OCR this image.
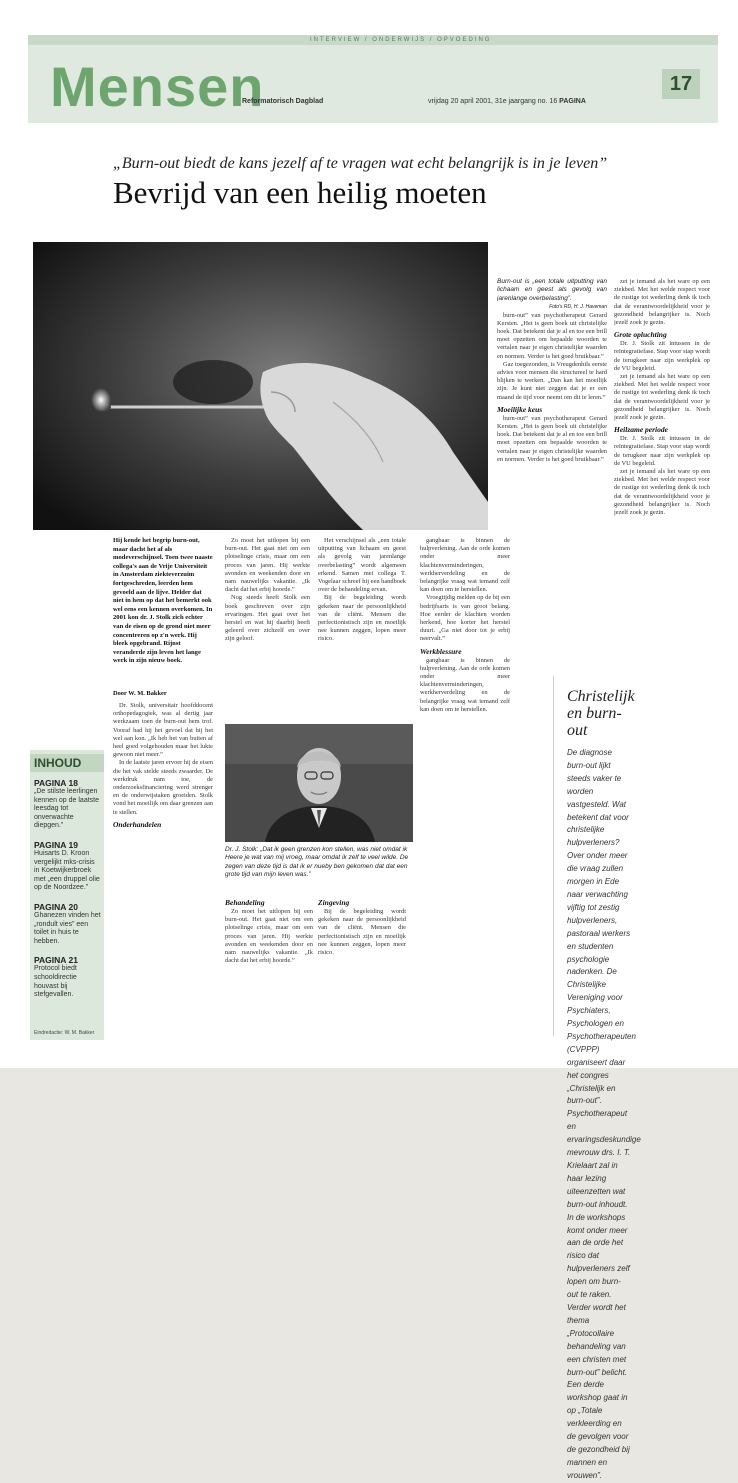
INTERVIEW / ONDERWIJS / OPVOEDING
Mensen
Reformatorisch Dagblad	vrijdag 20 april 2001, 31e jaargang no. 16 PAGINA
17
„Burn-out biedt de kans jezelf af te vragen wat echt belangrijk is in je leven”
Bevrijd van een heilig moeten
Hij kende het begrip burn-out, maar dacht het af als modeverschijnsel. Toen twee naaste collega's aan de Vrije Universiteit in Amsterdam ziekteverzuim fortgeschreden, leerden hem gevoeld aan de lijve. Helder dat niet in hem op dat het bemerkt ook wel eens een kennen overkomen. In 2001 kon dr. J. Stolk zich echter van de eisen op de grond niet meer concentreren op z'n werk. Hij bleek opgebrand. Rijnst veranderde zijn leven het lange werk in zijn nieuw boek.
Door W. M. Bakker

Dr. Stolk, universitair hoofddocent orthopedagogiek, was al dertig jaar werkzaam toen de burn-out hem trof. Vooraf had hij het gevoel dat hij het wel aan kon. „Ik heb het van buiten af heel goed volgehouden maar het lukte gewoon niet meer.”

In de laatste jaren ervoer hij de eisen die het vak stelde steeds zwaarder. De werkdruk nam toe, de onderzoeksfinanciering werd strenger en de onderwijstaken groeiden. Stolk vond het moeilijk om daar grenzen aan te stellen.

Onderhandelen

Zo moet het uitlopen bij een burn-out. Het gaat niet om een plotselinge crisis, maar om een proces van jaren. Hij werkte avonden en weekenden door en nam nauwelijks vakantie. „Ik dacht dat het erbij hoorde.”

Nog steeds heeft Stolk een boek geschreven over zijn ervaringen. Het gaat over het herstel en wat hij daarbij heeft geleerd over zichzelf en over zijn geloof.

Behandeling

Zo moet het uitlopen bij een burn-out. Het gaat niet om een plotselinge crisis, maar om een proces van jaren. Hij werkte avonden en weekenden door en nam nauwelijks vakantie. „Ik dacht dat het erbij hoorde.”

Het verschijnsel als „een totale uitputting van lichaam en geest als gevolg van jarenlange overbelasting” wordt algemeen erkend. Samen met collega T. Vogelaar schreef hij een handboek over de behandeling ervan.

Bij de begeleiding wordt gekeken naar de persoonlijkheid van de cliënt. Mensen die perfectionistisch zijn en moeilijk nee kunnen zeggen, lopen meer risico.

Zingeving

Bij de begeleiding wordt gekeken naar de persoonlijkheid van de cliënt. Mensen die perfectionistisch zijn en moeilijk nee kunnen zeggen, lopen meer risico.

gangbaar is binnen de hulpverlening. Aan de orde komen onder meer klachtenverminderingen, werkherverdeling en de belangrijke vraag wat iemand zelf kan doen om te herstellen.

Vroegtijdig melden op de bij een bedrijfsarts is van groot belang. Hoe eerder de klachten worden herkend, hoe korter het herstel duurt. „Ga niet door tot je erbij neervalt.”

Werkblessure

gangbaar is binnen de hulpverlening. Aan de orde komen onder meer klachtenverminderingen, werkherverdeling en de belangrijke vraag wat iemand zelf kan doen om te herstellen.

Burn-out is „een totale uitputting van lichaam en geest als gevolg van jarenlange overbelasting”.
Foto's RD, H. J. Haveman

burn-out” van psychotherapeut Gerard Kersten. „Het is geen boek uit christelijke hoek. Dat betekent dat je al en toe een brill moet opzetten om bepaalde woorden te vertalen naar je eigen christelijke waarden en normen. Verder is het goed bruikbaar.”

Gaz toegezonden, is Vreugdenhils eerste advies voor mensen die structureel te hard blijken te werken. „Dan kan het moeilijk zijn. Je kunt niet zeggen dat je er een maand de tijd voor neemt om dit te leren.”

Moeilijke keus

burn-out” van psychotherapeut Gerard Kersten. „Het is geen boek uit christelijke hoek. Dat betekent dat je al en toe een brill moet opzetten om bepaalde woorden te vertalen naar je eigen christelijke waarden en normen. Verder is het goed bruikbaar.”

zet je iemand als het ware op een ziekbed. Met het welde respect voor de rustige tot wederling denk ik toch dat de verantwoordelijkheid voor je gezondheid belangrijker is. Noch jezelf zoek je gezin.

Grote opluchting

Dr. J. Stolk zit intussen in de reïntegratiefase. Stap voor stap wordt de terugkeer naar zijn werkplek op de VU begeleid.

zet je iemand als het ware op een ziekbed. Met het welde respect voor de rustige tot wederling denk ik toch dat de verantwoordelijkheid voor je gezondheid belangrijker is. Noch jezelf zoek je gezin.

Heilzame periode

Dr. J. Stolk zit intussen in de reïntegratiefase. Stap voor stap wordt de terugkeer naar zijn werkplek op de VU begeleid.

zet je iemand als het ware op een ziekbed. Met het welde respect voor de rustige tot wederling denk ik toch dat de verantwoordelijkheid voor je gezondheid belangrijker is. Noch jezelf zoek je gezin.

INHOUD
PAGINA 18
„De stilste leerlingen kennen op de laatste leesdag tot onverwachte diepgen.”
PAGINA 19
Huisarts D. Kroon vergelijkt mks-crisis in Koetwijkerbroek met „een druppel olie op de Noordzee.”
PAGINA 20
Ghanezen vinden het „rondult vies” een toilet in huis te hebben.
PAGINA 21
Protocol biedt schooldirectie houvast bij stefgevallen.
Eindredactie: W. M. Bakker
Dr. J. Stolk: „Dat ik geen grenzen kon stellen, was niet omdat ik Heere je wat van mij vroeg, maar omdat ik zelf te veel wilde. De zegen van deze tijd is dat ik er nueby ben gekomen dat dat een grote tijd van mijn leven was.”
Christelijk en burn-out
De diagnose burn-out lijkt steeds vaker te worden vastgesteld. Wat betekent dat voor christelijke hulpverleners? Over onder meer die vraag zullen morgen in Ede naar verwachting vijftig tot zestig hulpverleners, pastoraal werkers en studenten psychologie nadenken. De Christelijke Vereniging voor Psychiaters, Psychologen en Psychotherapeuten (CVPPP) organiseert daar het congres „Christelijk en burn-out”. Psychotherapeut en ervaringsdeskundige mevrouw drs. I. T. Krielaart zal in haar lezing uiteenzetten wat burn-out inhoudt. In de workshops komt onder meer aan de orde het risico dat hulpverleners zelf lopen om burn-out te raken. Verder wordt het thema „Protocollaire behandeling van een christen met burn-out” belicht. Een derde workshop gaat in op „Totale verkleerding en de gevolgen voor de gezondheid bij mannen en vrouwen”.
